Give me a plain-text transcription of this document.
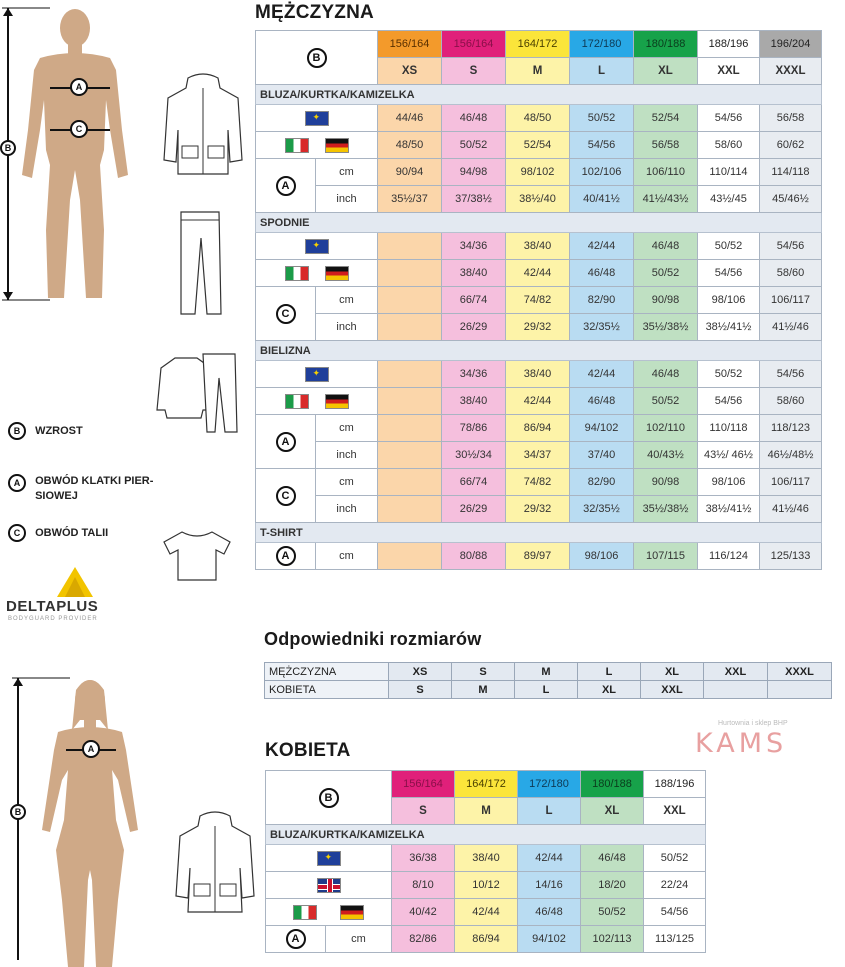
B
A
C
B WZROST
A OBWÓD KLATKI PIER-
SIOWEJ
C OBWÓD TALII
DELTAPLUS
BODYGUARD PROVIDER
MĘŻCZYZNA
B		156/164	156/164	164/172	172/180	180/188	188/196	196/204
		XS	S	M	L	XL	XXL	XXXL
BLUZA/KURTKA/KAMIZELKA								
✦	44/46	46/48	48/50	50/52	52/54	54/56	56/58
		48/50	50/52	52/54	54/56	56/58	58/60	60/62
A	cm	90/94	94/98	98/102	102/106	106/110	110/114	114/118
	inch	35½/37	37/38½	38½/40	40/41½	41½/43½	43½/45	45/46½
SPODNIE								
✦		34/36	38/40	42/44	46/48	50/52	54/56
			38/40	42/44	46/48	50/52	54/56	58/60
C	cm		66/74	74/82	82/90	90/98	98/106	106/117
	inch		26/29	29/32	32/35½	35½/38½	38½/41½	41½/46
BIELIZNA								
✦		34/36	38/40	42/44	46/48	50/52	54/56
			38/40	42/44	46/48	50/52	54/56	58/60
A	cm		78/86	86/94	94/102	102/110	110/118	118/123
	inch		30½/34	34/37	37/40	40/43½	43½/ 46½	46½/48½
C	cm		66/74	74/82	82/90	90/98	98/106	106/117
	inch		26/29	29/32	32/35½	35½/38½	38½/41½	41½/46
T-SHIRT								
A	cm		80/88	89/97	98/106	107/115	116/124	125/133
Odpowiedniki rozmiarów
MĘŻCZYZNA	XS	S	M	L	XL	XXL	XXXL
KOBIETA	S	M	L	XL	XXL		
Hurtownia i sklep BHP
KAMS
B
A	KOBIETA
B		156/164	164/172	172/180	180/188	188/196
		S	M	L	XL	XXL
BLUZA/KURTKA/KAMIZELKA						
✦	36/38	38/40	42/44	46/48	50/52
		8/10	10/12	14/16	18/20	22/24
		40/42	42/44	46/48	50/52	54/56
A	cm	82/86	86/94	94/102	102/113	113/125
